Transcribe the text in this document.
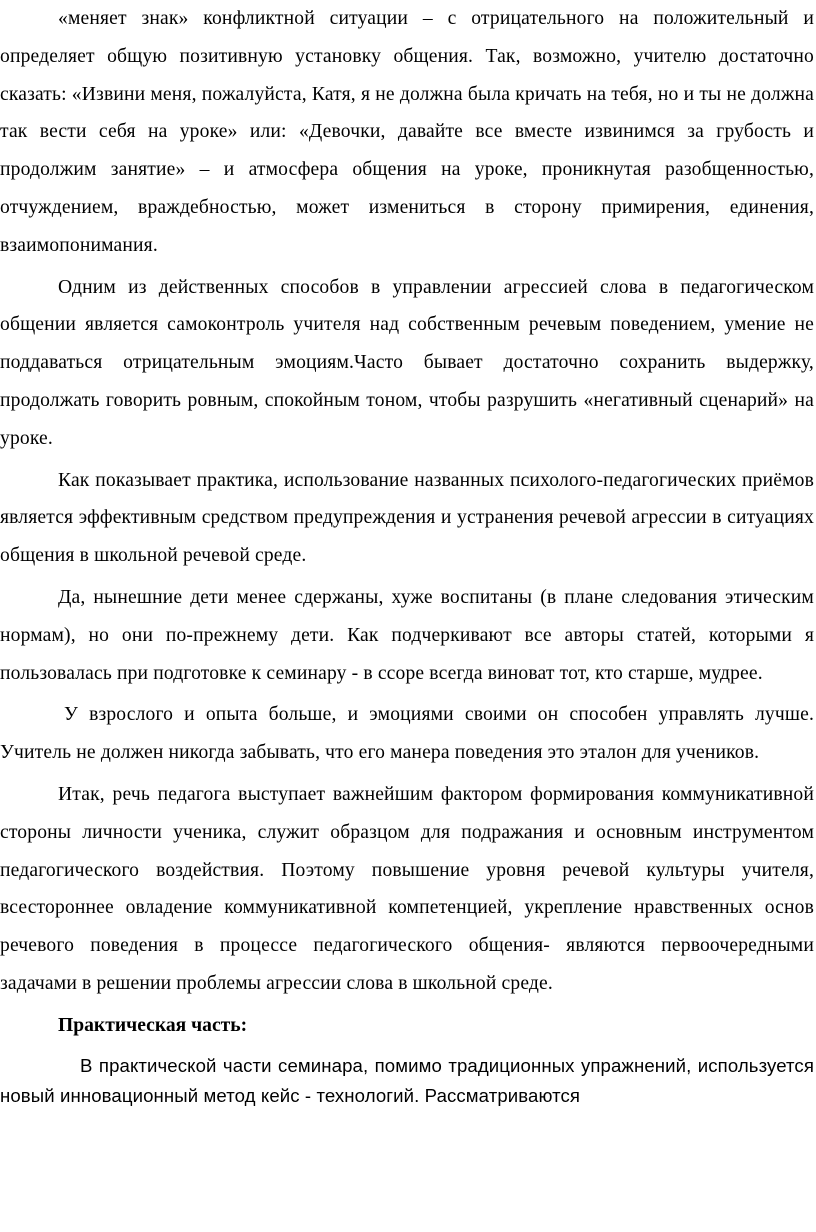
«меняет знак» конфликтной ситуации – с отрицательного на положительный и определяет общую позитивную установку общения. Так, возможно, учителю достаточно сказать: «Извини меня, пожалуйста, Катя, я не должна была кричать на тебя, но и ты не должна так вести себя на уроке» или: «Девочки, давайте все вместе извинимся за грубость и продолжим занятие» – и атмосфера общения на уроке, проникнутая разобщенностью, отчуждением, враждебностью, может измениться в сторону примирения, единения, взаимопонимания.

Одним из действенных способов в управлении агрессией слова в педагогическом общении является самоконтроль учителя над собственным речевым поведением, умение не поддаваться отрицательным эмоциям.Часто бывает достаточно сохранить выдержку, продолжать говорить ровным, спокойным тоном, чтобы разрушить «негативный сценарий» на уроке.

Как показывает практика, использование названных психолого-педагогических приёмов является эффективным средством предупреждения и устранения речевой агрессии в ситуациях общения в школьной речевой среде.

Да, нынешние дети менее сдержаны, хуже воспитаны (в плане следования этическим нормам), но они по-прежнему дети. Как подчеркивают все авторы статей, которыми я пользовалась при подготовке к семинару - в ссоре всегда виноват тот, кто старше, мудрее.

У взрослого и опыта больше, и эмоциями своими он способен управлять лучше. Учитель не должен никогда забывать, что его манера поведения это эталон для учеников.

Итак, речь педагога выступает важнейшим фактором формирования коммуникативной стороны личности ученика, служит образцом для подражания и основным инструментом педагогического воздействия. Поэтому повышение уровня речевой культуры учителя, всестороннее овладение коммуникативной компетенцией, укрепление нравственных основ речевого поведения в процессе педагогического общения- являются первоочередными задачами в решении проблемы агрессии слова в школьной среде.

Практическая часть:

В практической части семинара, помимо традиционных упражнений, используется новый инновационный метод кейс - технологий. Рассматриваются
